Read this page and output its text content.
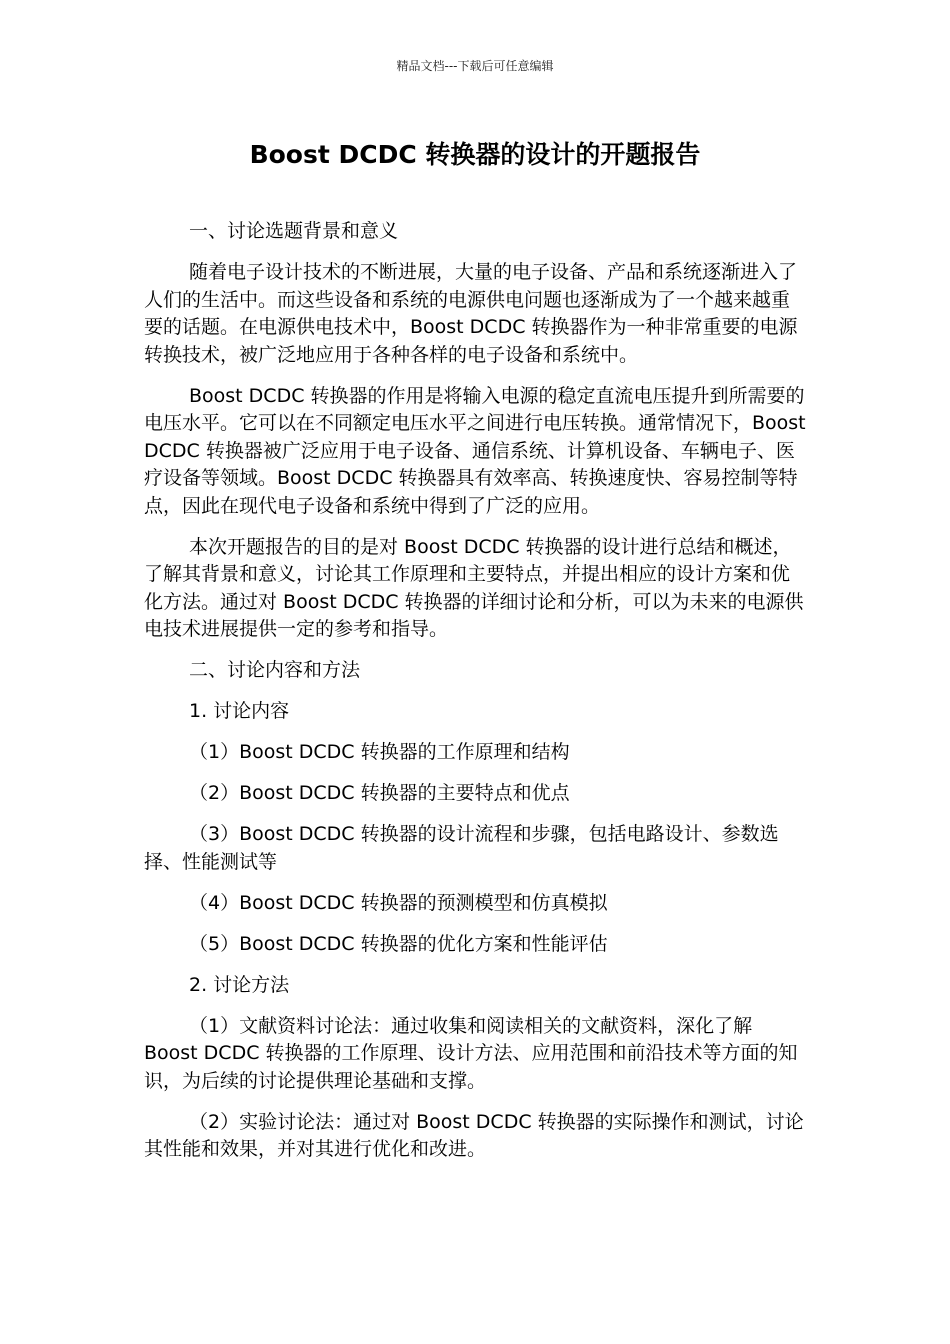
精品文档---下载后可任意编辑
Boost DCDC 转换器的设计的开题报告

一、讨论选题背景和意义

随着电子设计技术的不断进展，大量的电子设备、产品和系统逐渐进入了人们的生活中。而这些设备和系统的电源供电问题也逐渐成为了一个越来越重要的话题。在电源供电技术中，Boost DCDC 转换器作为一种非常重要的电源转换技术，被广泛地应用于各种各样的电子设备和系统中。

Boost DCDC 转换器的作用是将输入电源的稳定直流电压提升到所需要的电压水平。它可以在不同额定电压水平之间进行电压转换。通常情况下，Boost DCDC 转换器被广泛应用于电子设备、通信系统、计算机设备、车辆电子、医疗设备等领域。Boost DCDC 转换器具有效率高、转换速度快、容易控制等特点，因此在现代电子设备和系统中得到了广泛的应用。

本次开题报告的目的是对 Boost DCDC 转换器的设计进行总结和概述，了解其背景和意义，讨论其工作原理和主要特点，并提出相应的设计方案和优化方法。通过对 Boost DCDC 转换器的详细讨论和分析，可以为未来的电源供电技术进展提供一定的参考和指导。

二、讨论内容和方法

1. 讨论内容

（1）Boost DCDC 转换器的工作原理和结构

（2）Boost DCDC 转换器的主要特点和优点

（3）Boost DCDC 转换器的设计流程和步骤，包括电路设计、参数选择、性能测试等

（4）Boost DCDC 转换器的预测模型和仿真模拟

（5）Boost DCDC 转换器的优化方案和性能评估

2. 讨论方法

（1）文献资料讨论法：通过收集和阅读相关的文献资料，深化了解 Boost DCDC 转换器的工作原理、设计方法、应用范围和前沿技术等方面的知识，为后续的讨论提供理论基础和支撑。

（2）实验讨论法：通过对 Boost DCDC 转换器的实际操作和测试，讨论其性能和效果，并对其进行优化和改进。
